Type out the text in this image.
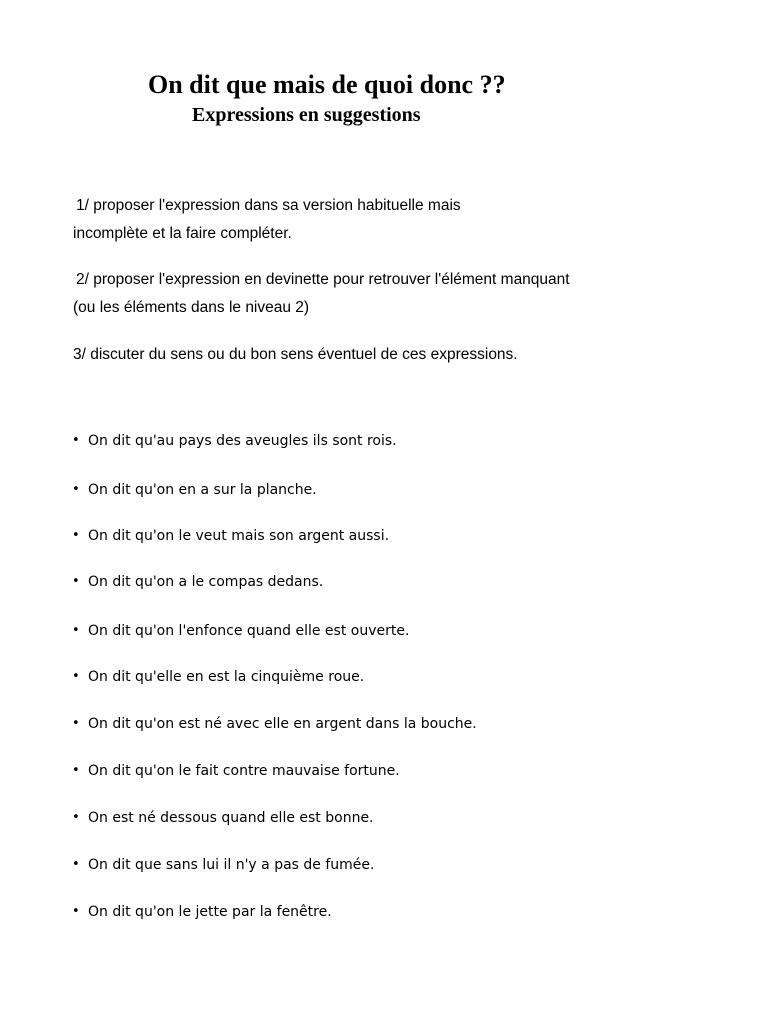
On dit que mais de quoi donc ??
Expressions en suggestions

1/ proposer l'expression dans sa version habituelle mais

incomplète et la faire compléter.

2/ proposer l'expression en devinette pour retrouver l'élément manquant

(ou les éléments dans le niveau 2)

3/ discuter du sens ou du bon sens éventuel de ces expressions.

• On dit qu'au pays des aveugles ils sont rois.
• On dit qu'on en a sur la planche.
• On dit qu'on le veut mais son argent aussi.
• On dit qu'on a le compas dedans.
• On dit qu'on l'enfonce quand elle est ouverte.
• On dit qu'elle en est la cinquième roue.
• On dit qu'on est né avec elle en argent dans la bouche.
• On dit qu'on le fait contre mauvaise fortune.
• On est né dessous quand elle est bonne.
• On dit que sans lui il n'y a pas de fumée.
• On dit qu'on le jette par la fenêtre.
